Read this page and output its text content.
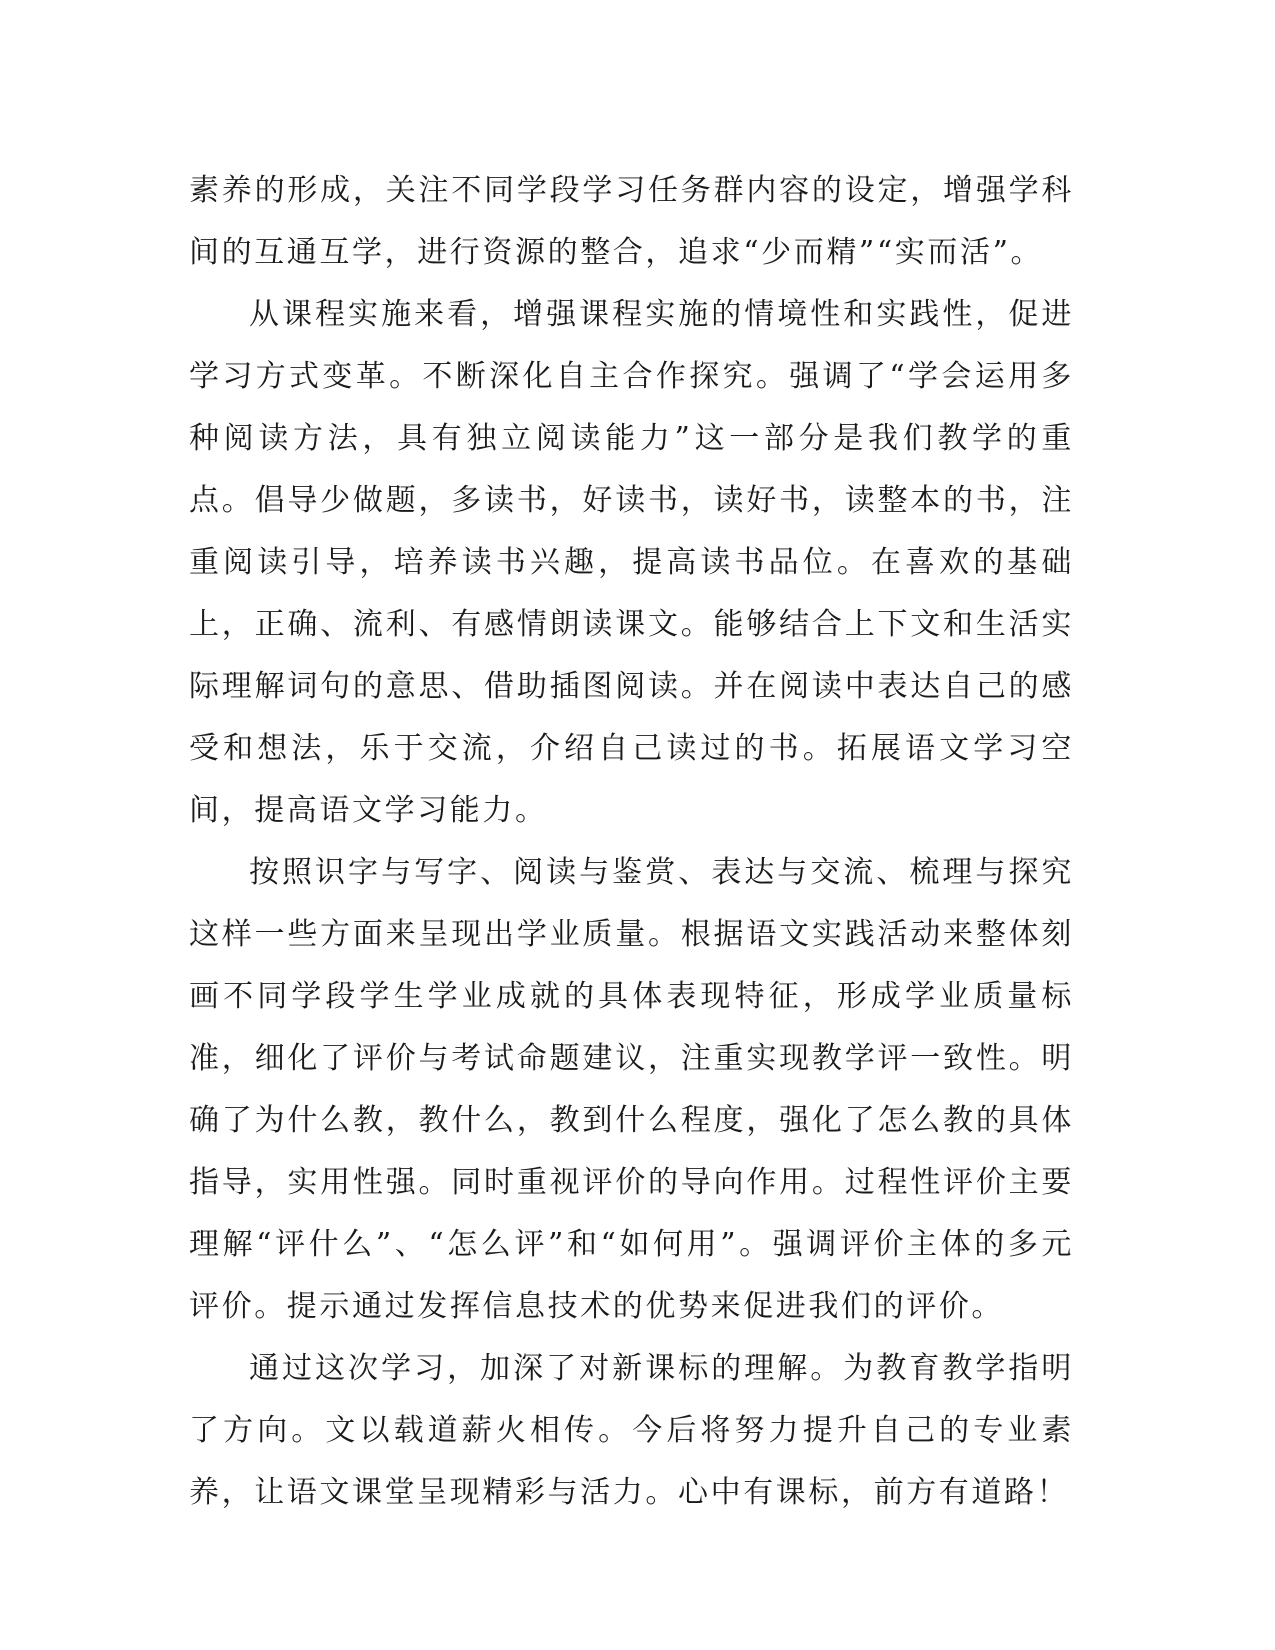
素养的形成，关注不同学段学习任务群内容的设定，增强学科间的互通互学，进行资源的整合，追求“少而精”“实而活”。

从课程实施来看，增强课程实施的情境性和实践性，促进学习方式变革。不断深化自主合作探究。强调了“学会运用多种阅读方法，具有独立阅读能力”这一部分是我们教学的重点。倡导少做题，多读书，好读书，读好书，读整本的书，注重阅读引导，培养读书兴趣，提高读书品位。在喜欢的基础上，正确、流利、有感情朗读课文。能够结合上下文和生活实际理解词句的意思、借助插图阅读。并在阅读中表达自己的感受和想法，乐于交流，介绍自己读过的书。拓展语文学习空间，提高语文学习能力。

按照识字与写字、阅读与鉴赏、表达与交流、梳理与探究这样一些方面来呈现出学业质量。根据语文实践活动来整体刻画不同学段学生学业成就的具体表现特征，形成学业质量标准，细化了评价与考试命题建议，注重实现教学评一致性。明确了为什么教，教什么，教到什么程度，强化了怎么教的具体指导，实用性强。同时重视评价的导向作用。过程性评价主要理解“评什么”、“怎么评”和“如何用”。强调评价主体的多元评价。提示通过发挥信息技术的优势来促进我们的评价。

通过这次学习，加深了对新课标的理解。为教育教学指明了方向。文以载道薪火相传。今后将努力提升自己的专业素养，让语文课堂呈现精彩与活力。心中有课标，前方有道路！
